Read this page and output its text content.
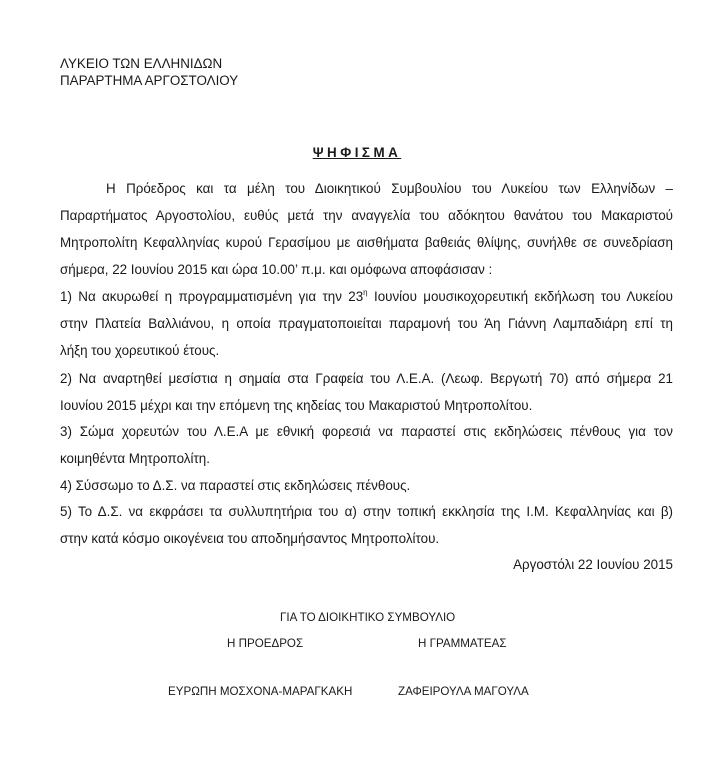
ΛΥΚΕΙΟ ΤΩΝ ΕΛΛΗΝΙΔΩΝ
ΠΑΡΑΡΤΗΜΑ ΑΡΓΟΣΤΟΛΙΟΥ
ΨΗΦΙΣΜΑ
Η Πρόεδρος και τα μέλη του Διοικητικού Συμβουλίου του Λυκείου των Ελληνίδων –
Παραρτήματος Αργοστολίου, ευθύς μετά την αναγγελία του αδόκητου θανάτου του Μακαριστού
Μητροπολίτη Κεφαλληνίας κυρού Γερασίμου με αισθήματα βαθειάς θλίψης, συνήλθε σε συνεδρίαση
σήμερα, 22 Ιουνίου 2015 και ώρα 10.00’ π.μ. και ομόφωνα αποφάσισαν :
1) Να ακυρωθεί η προγραμματισμένη για την $23^\eta$ Ιουνίου μουσικοχορευτική εκδήλωση του Λυκείου
στην Πλατεία Βαλλιάνου, η οποία πραγματοποιείται παραμονή του Άη Γιάννη Λαμπαδιάρη επί τη
λήξη του χορευτικού έτους.
2) Να αναρτηθεί μεσίστια η σημαία στα Γραφεία του Λ.Ε.Α. (Λεωφ. Βεργωτή 70) από σήμερα 21
Ιουνίου 2015 μέχρι και την επόμενη της κηδείας του Μακαριστού Μητροπολίτου.
3) Σώμα χορευτών του Λ.Ε.Α με εθνική φορεσιά να παραστεί στις εκδηλώσεις πένθους για τον
κοιμηθέντα Μητροπολίτη.
4) Σύσσωμο το Δ.Σ. να παραστεί στις εκδηλώσεις πένθους.
5) Το Δ.Σ. να εκφράσει τα συλλυπητήρια του α) στην τοπική εκκλησία της Ι.Μ. Κεφαλληνίας και β)
στην κατά κόσμο οικογένεια του αποδημήσαντος Μητροπολίτου.
Αργοστόλι 22 Ιουνίου 2015
ΓΙΑ ΤΟ ΔΙΟΙΚΗΤΙΚΟ ΣΥΜΒΟΥΛΙΟ
Η ΠΡΟΕΔΡΟΣ	Η ΓΡΑΜΜΑΤΕΑΣ
ΕΥΡΩΠΗ ΜΟΣΧΟΝΑ-ΜΑΡΑΓΚΑΚΗ	ΖΑΦΕΙΡΟΥΛΑ ΜΑΓΟΥΛΑ
